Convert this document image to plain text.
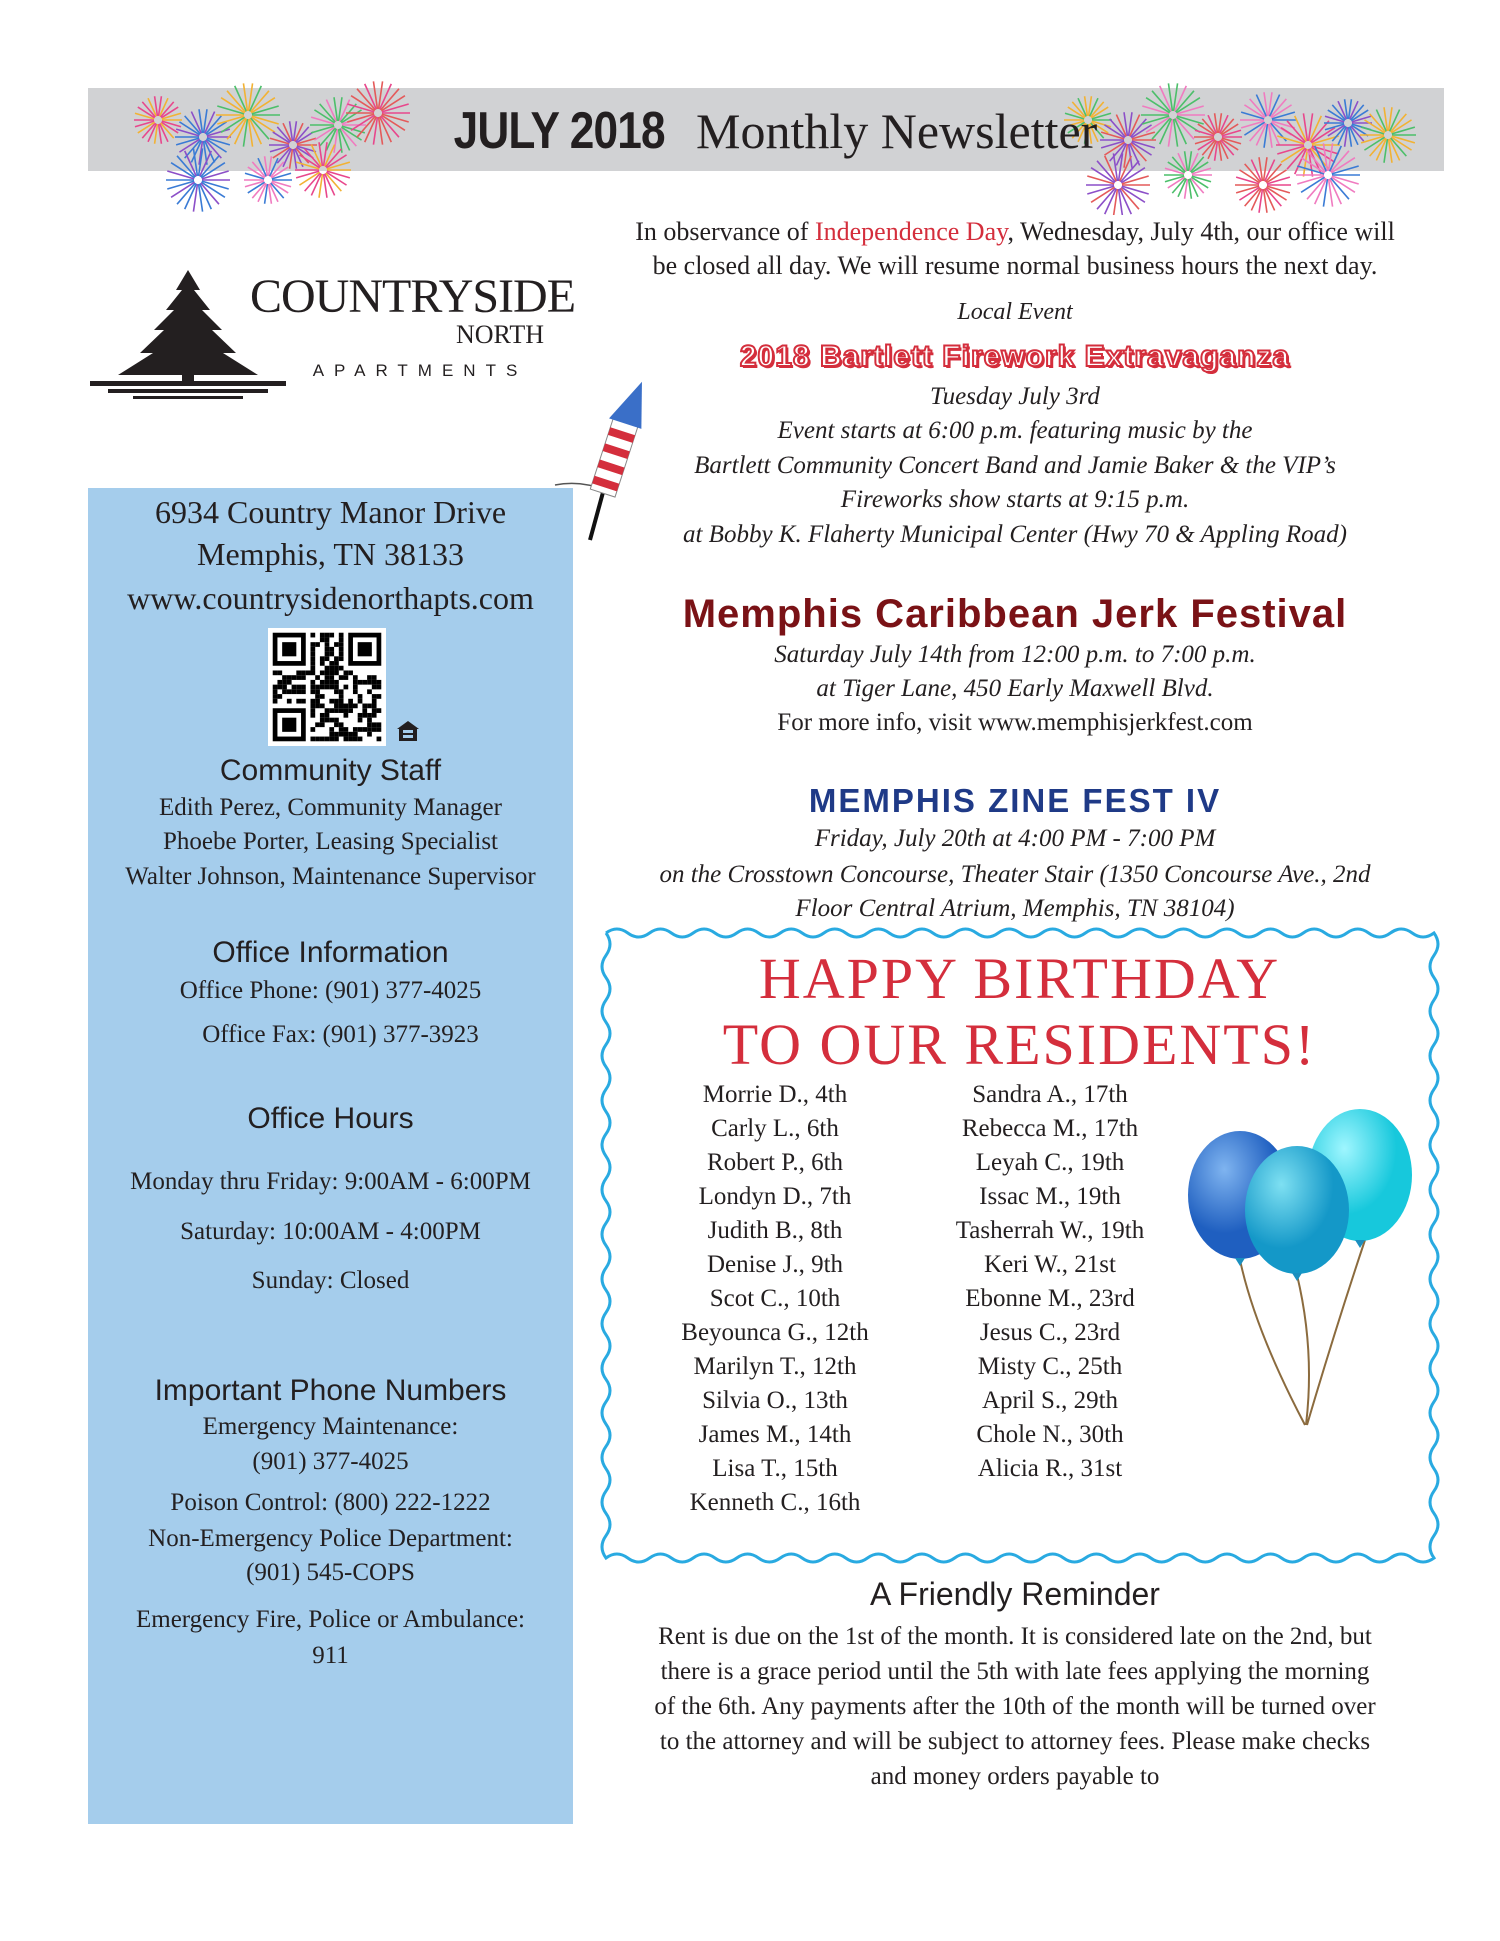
JULY 2018 Monthly Newsletter
COUNTRYSIDE
NORTH
APARTMENTS
6934 Country Manor Drive
Memphis, TN 38133
www.countrysidenorthapts.com
Community Staff
Edith Perez, Community Manager
Phoebe Porter, Leasing Specialist
Walter Johnson, Maintenance Supervisor
Office Information
Office Phone: (901) 377-4025
Office Fax: (901) 377-3923
Office Hours
Monday thru Friday: 9:00AM - 6:00PM
Saturday: 10:00AM - 4:00PM
Sunday: Closed
Important Phone Numbers
Emergency Maintenance:
(901) 377-4025
Poison Control: (800) 222-1222
Non-Emergency Police Department:
(901) 545-COPS
Emergency Fire, Police or Ambulance:
911
In observance of Independence Day, Wednesday, July 4th, our office will
be closed all day. We will resume normal business hours the next day.
Local Event
2018 Bartlett Firework Extravaganza
Tuesday July 3rd
Event starts at 6:00 p.m. featuring music by the
Bartlett Community Concert Band and Jamie Baker & the VIP’s
Fireworks show starts at 9:15 p.m.
at Bobby K. Flaherty Municipal Center (Hwy 70 & Appling Road)
Memphis Caribbean Jerk Festival
Saturday July 14th from 12:00 p.m. to 7:00 p.m.
at Tiger Lane, 450 Early Maxwell Blvd.
For more info, visit www.memphisjerkfest.com
MEMPHIS ZINE FEST IV
Friday, July 20th at 4:00 PM - 7:00 PM
on the Crosstown Concourse, Theater Stair (1350 Concourse Ave., 2nd
Floor Central Atrium, Memphis, TN 38104)
HAPPY BIRTHDAY
TO OUR RESIDENTS!
Morrie D., 4th
Carly L., 6th
Robert P., 6th
Londyn D., 7th
Judith B., 8th
Denise J., 9th
Scot C., 10th
Beyounca G., 12th
Marilyn T., 12th
Silvia O., 13th
James M., 14th
Lisa T., 15th
Kenneth C., 16th
Sandra A., 17th
Rebecca M., 17th
Leyah C., 19th
Issac M., 19th
Tasherrah W., 19th
Keri W., 21st
Ebonne M., 23rd
Jesus C., 23rd
Misty C., 25th
April S., 29th
Chole N., 30th
Alicia R., 31st
A Friendly Reminder
Rent is due on the 1st of the month. It is considered late on the 2nd, but
there is a grace period until the 5th with late fees applying the morning
of the 6th. Any payments after the 10th of the month will be turned over
to the attorney and will be subject to attorney fees. Please make checks
and money orders payable to
